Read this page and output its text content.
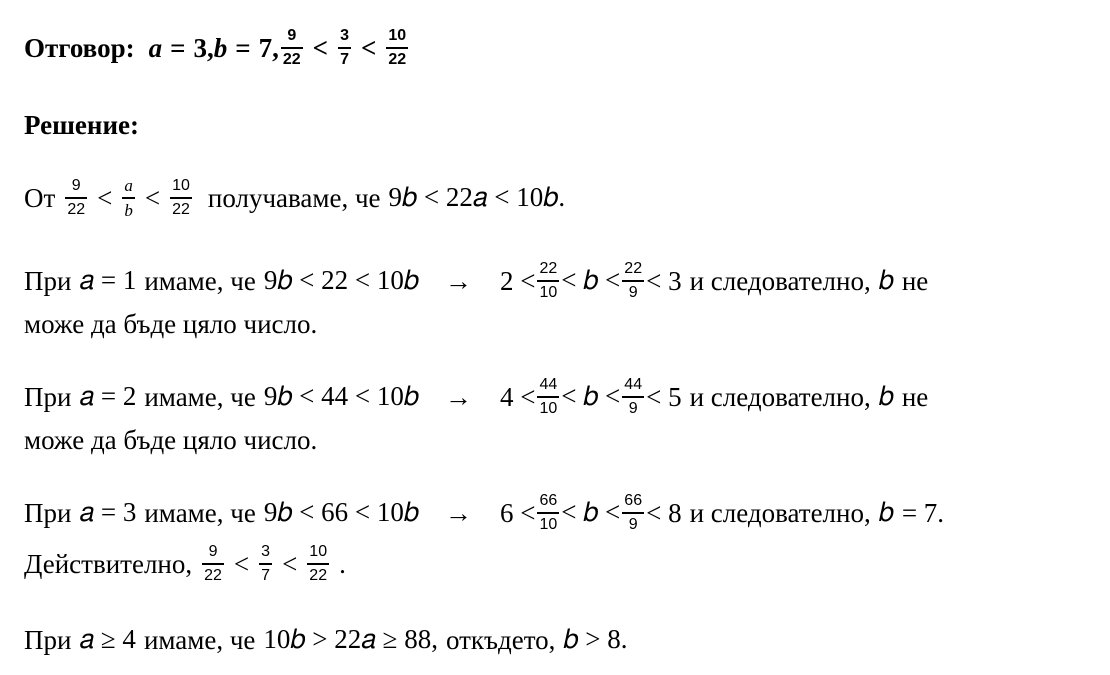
Отговор: a = 3 , b = 7 , $\frac{9}{22} < \frac{3}{7} < \frac{10}{22}$
Решение:
От $\frac{9}{22} < \frac{a}{b} < \frac{10}{22}$ получаваме, че 9𝑏 < 22𝑎 < 10𝑏.
При 𝑎 = 1 имаме, че 9𝑏 < 22 < 10𝑏 → $2 < \frac{22}{10}$ < 𝑏 < $\frac{22}{9} < 3$ и следователно, 𝑏 не
може да бъде цяло число.
При 𝑎 = 2 имаме, че 9𝑏 < 44 < 10𝑏 → $4 < \frac{44}{10}$ < 𝑏 < $\frac{44}{9} < 5$ и следователно, 𝑏 не
може да бъде цяло число.
При 𝑎 = 3 имаме, че 9𝑏 < 66 < 10𝑏 → $6 < \frac{66}{10}$ < 𝑏 < $\frac{66}{9} < 8$ и следователно, 𝑏 = 7.
Действително, $\frac{9}{22} < \frac{3}{7} < \frac{10}{22}$ .
При 𝑎 ≥ 4 имаме, че 10𝑏 > 22𝑎 ≥ 88, откъдето, 𝑏 > 8.
